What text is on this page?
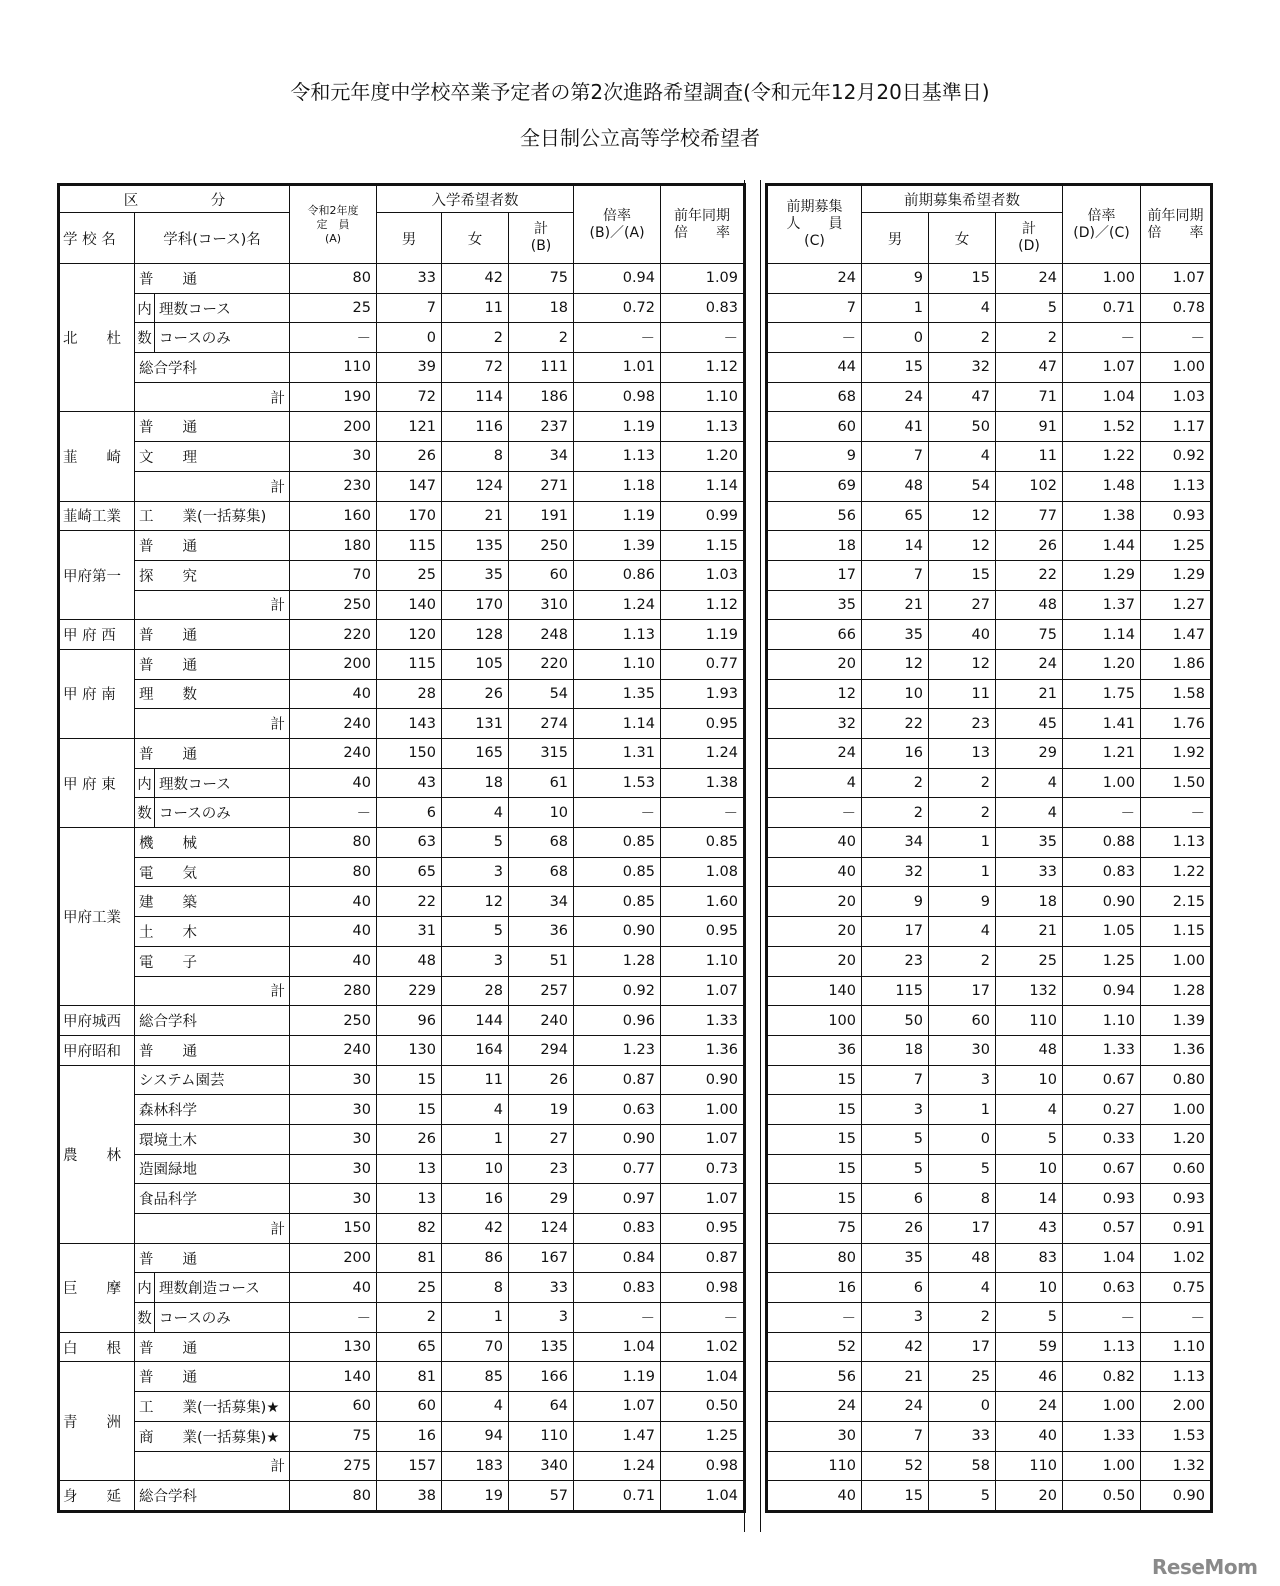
令和元年度中学校卒業予定者の第2次進路希望調査(令和元年12月20日基準日)
全日制公立高等学校希望者
区　　　　　分	
令和2年度
定　員
(A)
	入学希望者数	
倍率
(B)／(A)

前年同期
倍　　率

学 校 名	学科(コース)名			男	女	計
(B)		

北　　杜	普　　通		80	33	42	75	0.94	1.09
	内	理数コース	25	7	11	18	0.72	0.83
	数	コースのみ	－	0	2	2	－	－
	総合学科		110	39	72	111	1.01	1.12
	計		190	72	114	186	0.98	1.10
韮　　崎	普　　通		200	121	116	237	1.19	1.13
	文　　理		30	26	8	34	1.13	1.20
	計		230	147	124	271	1.18	1.14
韮崎工業	工　　業(一括募集)		160	170	21	191	1.19	0.99
甲府第一	普　　通		180	115	135	250	1.39	1.15
	探　　究		70	25	35	60	0.86	1.03
	計		250	140	170	310	1.24	1.12
甲 府 西	普　　通		220	120	128	248	1.13	1.19
甲 府 南	普　　通		200	115	105	220	1.10	0.77
	理　　数		40	28	26	54	1.35	1.93
	計		240	143	131	274	1.14	0.95
甲 府 東	普　　通		240	150	165	315	1.31	1.24
	内	理数コース	40	43	18	61	1.53	1.38
	数	コースのみ	－	6	4	10	－	－
甲府工業	機　　械		80	63	5	68	0.85	0.85
	電　　気		80	65	3	68	0.85	1.08
	建　　築		40	22	12	34	0.85	1.60
	土　　木		40	31	5	36	0.90	0.95
	電　　子		40	48	3	51	1.28	1.10
	計		280	229	28	257	0.92	1.07
甲府城西	総合学科		250	96	144	240	0.96	1.33
甲府昭和	普　　通		240	130	164	294	1.23	1.36
農　　林	システム園芸		30	15	11	26	0.87	0.90
	森林科学		30	15	4	19	0.63	1.00
	環境土木		30	26	1	27	0.90	1.07
	造園緑地		30	13	10	23	0.77	0.73
	食品科学		30	13	16	29	0.97	1.07
	計		150	82	42	124	0.83	0.95
巨　　摩	普　　通		200	81	86	167	0.84	0.87
	内	理数創造コース	40	25	8	33	0.83	0.98
	数	コースのみ	－	2	1	3	－	－
白　　根	普　　通		130	65	70	135	1.04	1.02
青　　洲	普　　通		140	81	85	166	1.19	1.04
	工　　業(一括募集)★		60	60	4	64	1.07	0.50
	商　　業(一括募集)★		75	16	94	110	1.47	1.25
	計		275	157	183	340	1.24	0.98
身　　延	総合学科		80	38	19	57	0.71	1.04
前期募集
人　　員
(C)
	前期募集希望者数	
倍率
(D)／(C)

前年同期
倍　　率

	男	女	計
(D)		

24	9	15	24	1.00	1.07
7	1	4	5	0.71	0.78
－	0	2	2	－	－
44	15	32	47	1.07	1.00
68	24	47	71	1.04	1.03
60	41	50	91	1.52	1.17
9	7	4	11	1.22	0.92
69	48	54	102	1.48	1.13
56	65	12	77	1.38	0.93
18	14	12	26	1.44	1.25
17	7	15	22	1.29	1.29
35	21	27	48	1.37	1.27
66	35	40	75	1.14	1.47
20	12	12	24	1.20	1.86
12	10	11	21	1.75	1.58
32	22	23	45	1.41	1.76
24	16	13	29	1.21	1.92
4	2	2	4	1.00	1.50
－	2	2	4	－	－
40	34	1	35	0.88	1.13
40	32	1	33	0.83	1.22
20	9	9	18	0.90	2.15
20	17	4	21	1.05	1.15
20	23	2	25	1.25	1.00
140	115	17	132	0.94	1.28
100	50	60	110	1.10	1.39
36	18	30	48	1.33	1.36
15	7	3	10	0.67	0.80
15	3	1	4	0.27	1.00
15	5	0	5	0.33	1.20
15	5	5	10	0.67	0.60
15	6	8	14	0.93	0.93
75	26	17	43	0.57	0.91
80	35	48	83	1.04	1.02
16	6	4	10	0.63	0.75
－	3	2	5	－	－
52	42	17	59	1.13	1.10
56	21	25	46	0.82	1.13
24	24	0	24	1.00	2.00
30	7	33	40	1.33	1.53
110	52	58	110	1.00	1.32
40	15	5	20	0.50	0.90
ReseMom
